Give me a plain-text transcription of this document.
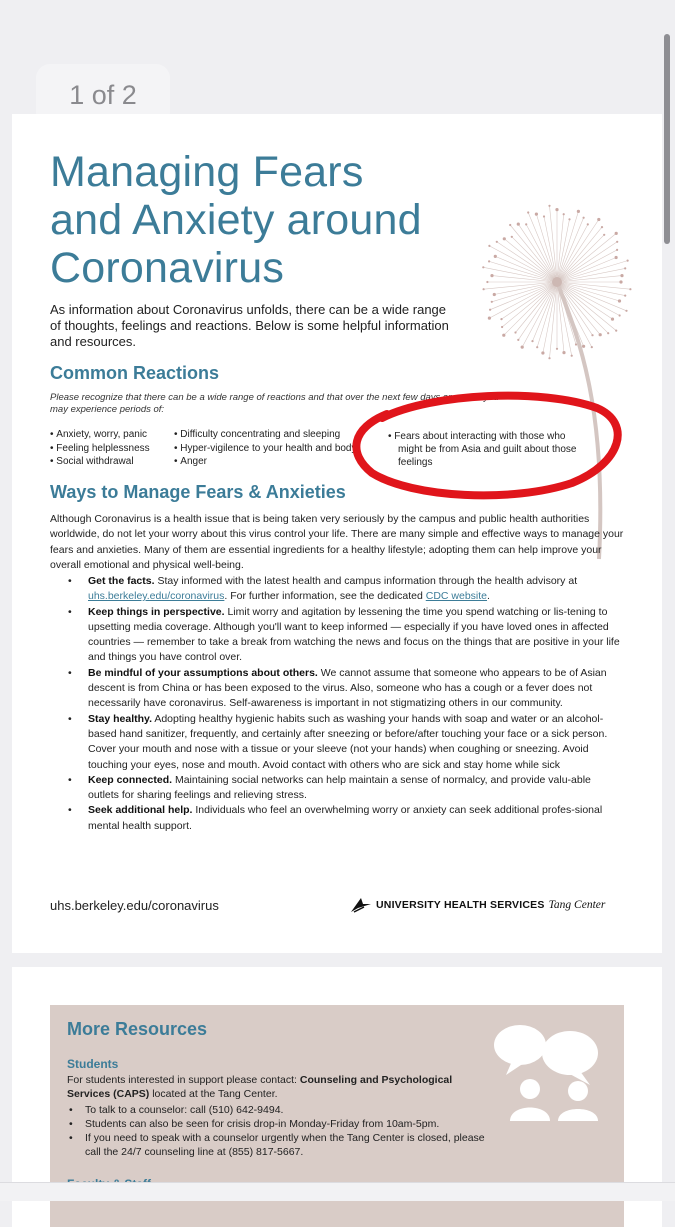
1 of 2
Managing Fears
and Anxiety around
Coronavirus

As information about Coronavirus unfolds, there can be a wide range of thoughts, feelings and reactions. Below is some helpful information and resources.

Common Reactions

Please recognize that there can be a wide range of reactions and that over the next few days or weeks you may experience periods of:

• Anxiety, worry, panic
• Feeling helplessness
• Social withdrawal
• Difficulty concentrating and sleeping
• Hyper-vigilence to your health and body
• Anger
• Fears about interacting with those who might be from Asia and guilt about those feelings
Ways to Manage Fears & Anxieties

Although Coronavirus is a health issue that is being taken very seriously by the campus and public health authorities worldwide, do not let your worry about this virus control your life. There are many simple and effective ways to manage your fears and anxieties. Many of them are essential ingredients for a healthy lifestyle; adopting them can help improve your overall emotional and physical well-being.

• Get the facts. Stay informed with the latest health and campus information through the health advisory at uhs.berkeley.edu/coronavirus. For further information, see the dedicated CDC website.
• Keep things in perspective. Limit worry and agitation by lessening the time you spend watching or lis-tening to upsetting media coverage. Although you'll want to keep informed — especially if you have loved ones in affected countries — remember to take a break from watching the news and focus on the things that are positive in your life and things you have control over.
• Be mindful of your assumptions about others. We cannot assume that someone who appears to be of Asian descent is from China or has been exposed to the virus. Also, someone who has a cough or a fever does not necessarily have coronavirus. Self-awareness is important in not stigmatizing others in our community.
• Stay healthy. Adopting healthy hygienic habits such as washing your hands with soap and water or an alcohol-based hand sanitizer, frequently, and certainly after sneezing or before/after touching your face or a sick person. Cover your mouth and nose with a tissue or your sleeve (not your hands) when coughing or sneezing. Avoid touching your eyes, nose and mouth. Avoid contact with others who are sick and stay home while sick
• Keep connected. Maintaining social networks can help maintain a sense of normalcy, and provide valu-able outlets for sharing feelings and relieving stress.
• Seek additional help. Individuals who feel an overwhelming worry or anxiety can seek additional profes-sional mental health support.

uhs.berkeley.edu/coronavirus	UNIVERSITY HEALTH SERVICES Tang Center
More Resources
Students

For students interested in support please contact: Counseling and Psychological Services (CAPS) located at the Tang Center.

• To talk to a counselor: call (510) 642-9494.
• Students can also be seen for crisis drop-in Monday-Friday from 10am-5pm.
• If you need to speak with a counselor urgently when the Tang Center is closed, please call the 24/7 counseling line at (855) 817-5667.
